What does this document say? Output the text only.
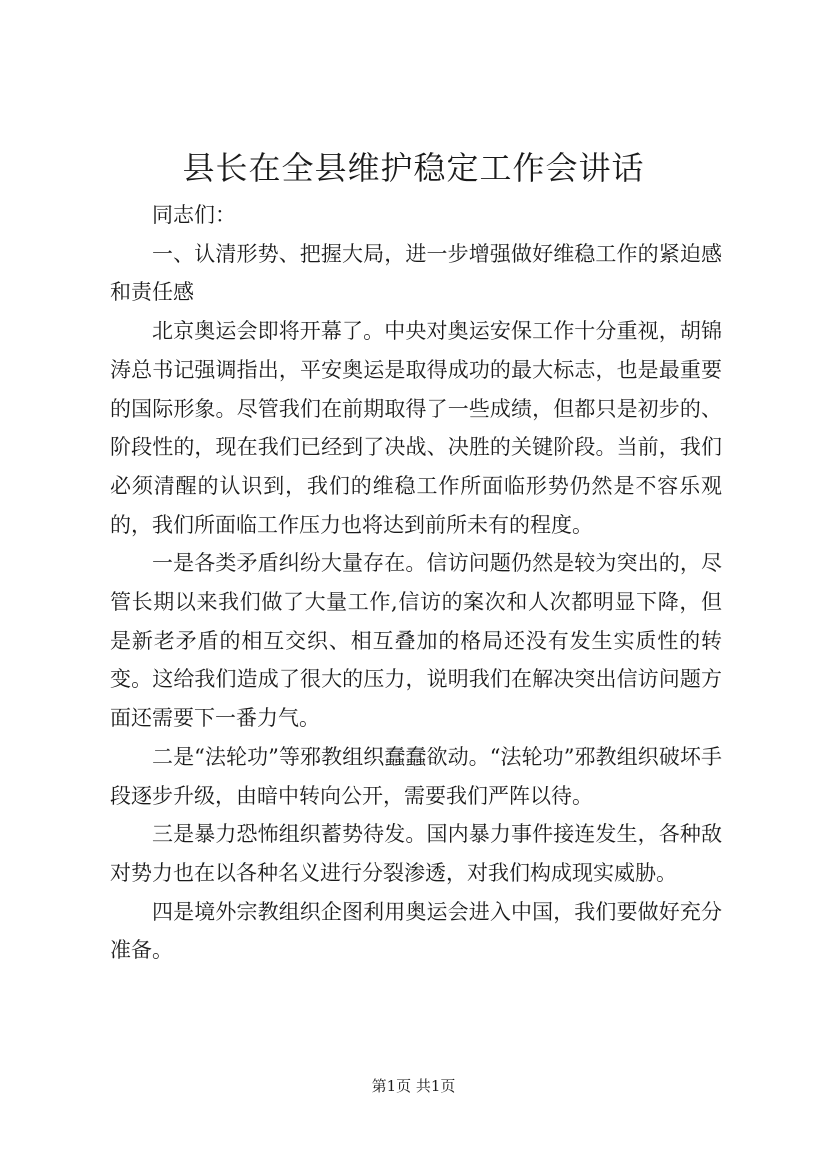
县长在全县维护稳定工作会讲话

同志们：

一、认清形势、把握大局，进一步增强做好维稳工作的紧迫感和责任感

北京奥运会即将开幕了。中央对奥运安保工作十分重视，胡锦涛总书记强调指出，平安奥运是取得成功的最大标志，也是最重要的国际形象。尽管我们在前期取得了一些成绩，但都只是初步的、阶段性的，现在我们已经到了决战、决胜的关键阶段。当前，我们必须清醒的认识到，我们的维稳工作所面临形势仍然是不容乐观的，我们所面临工作压力也将达到前所未有的程度。

一是各类矛盾纠纷大量存在。信访问题仍然是较为突出的，尽管长期以来我们做了大量工作,信访的案次和人次都明显下降，但是新老矛盾的相互交织、相互叠加的格局还没有发生实质性的转变。这给我们造成了很大的压力，说明我们在解决突出信访问题方面还需要下一番力气。

二是“法轮功”等邪教组织蠢蠢欲动。“法轮功”邪教组织破坏手段逐步升级，由暗中转向公开，需要我们严阵以待。

三是暴力恐怖组织蓄势待发。国内暴力事件接连发生，各种敌对势力也在以各种名义进行分裂渗透，对我们构成现实威胁。

四是境外宗教组织企图利用奥运会进入中国，我们要做好充分准备。

第1页 共1页
